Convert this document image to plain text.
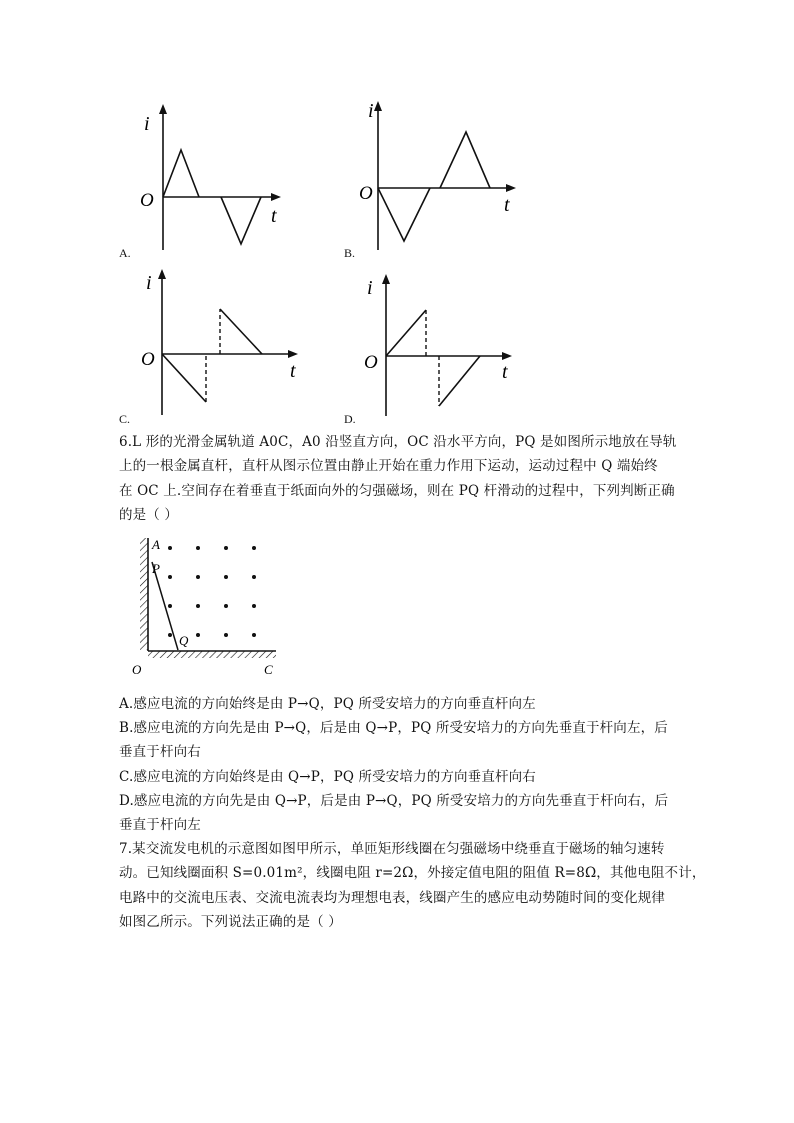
i
O
t
A.
i
O
t
B.
i
O
t
C.
i
O	t
D.
6.L 形的光滑金属轨道 A0C，A0 沿竖直方向，OC 沿水平方向，PQ 是如图所示地放在导轨
上的一根金属直杆，直杆从图示位置由静止开始在重力作用下运动，运动过程中 Q 端始终
在 OC 上.空间存在着垂直于纸面向外的匀强磁场，则在 PQ 杆滑动的过程中，下列判断正确
的是（ ）
A
P
Q
O	C
A.感应电流的方向始终是由 P→Q，PQ 所受安培力的方向垂直杆向左
B.感应电流的方向先是由 P→Q，后是由 Q→P，PQ 所受安培力的方向先垂直于杆向左，后
垂直于杆向右
C.感应电流的方向始终是由 Q→P，PQ 所受安培力的方向垂直杆向右
D.感应电流的方向先是由 Q→P，后是由 P→Q，PQ 所受安培力的方向先垂直于杆向右，后
垂直于杆向左
7.某交流发电机的示意图如图甲所示，单匝矩形线圈在匀强磁场中绕垂直于磁场的轴匀速转
动。已知线圈面积 S=0.01m²，线圈电阻 r=2Ω，外接定值电阻的阻值 R=8Ω，其他电阻不计，
电路中的交流电压表、交流电流表均为理想电表，线圈产生的感应电动势随时间的变化规律
如图乙所示。下列说法正确的是（ ）
